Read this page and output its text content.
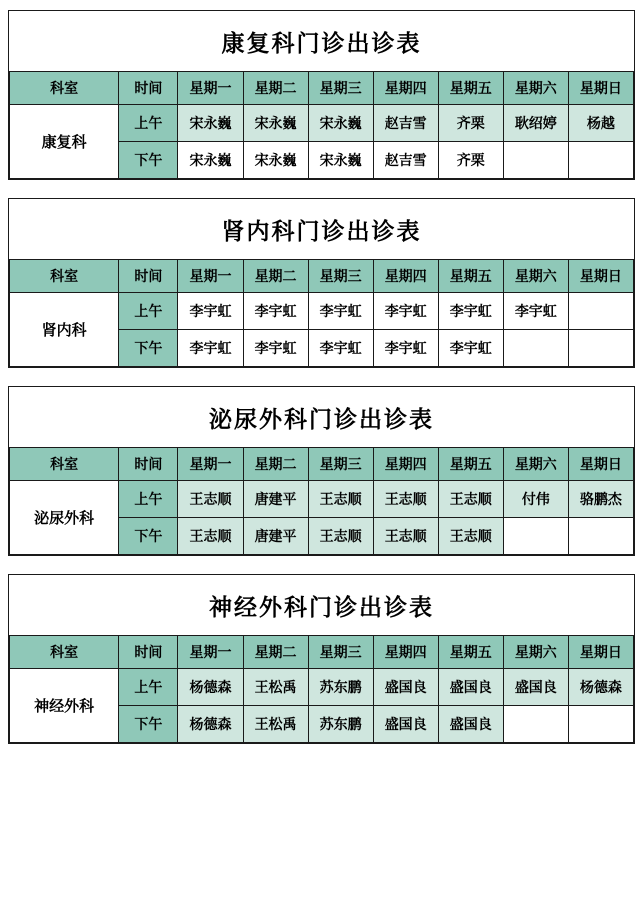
康复科门诊出诊表
科室	时间	星期一	星期二	星期三	星期四	星期五	星期六	星期日
康复科	上午	宋永巍	宋永巍	宋永巍	赵吉雪	齐栗	耿绍婷	杨越
	下午	宋永巍	宋永巍	宋永巍	赵吉雪	齐栗		
肾内科门诊出诊表
科室	时间	星期一	星期二	星期三	星期四	星期五	星期六	星期日
肾内科	上午	李宇虹	李宇虹	李宇虹	李宇虹	李宇虹	李宇虹	
	下午	李宇虹	李宇虹	李宇虹	李宇虹	李宇虹		
泌尿外科门诊出诊表
科室	时间	星期一	星期二	星期三	星期四	星期五	星期六	星期日
泌尿外科	上午	王志顺	唐建平	王志顺	王志顺	王志顺	付伟	骆鹏杰
	下午	王志顺	唐建平	王志顺	王志顺	王志顺		
神经外科门诊出诊表
科室	时间	星期一	星期二	星期三	星期四	星期五	星期六	星期日
神经外科	上午	杨德森	王松禹	苏东鹏	盛国良	盛国良	盛国良	杨德森
	下午	杨德森	王松禹	苏东鹏	盛国良	盛国良		
